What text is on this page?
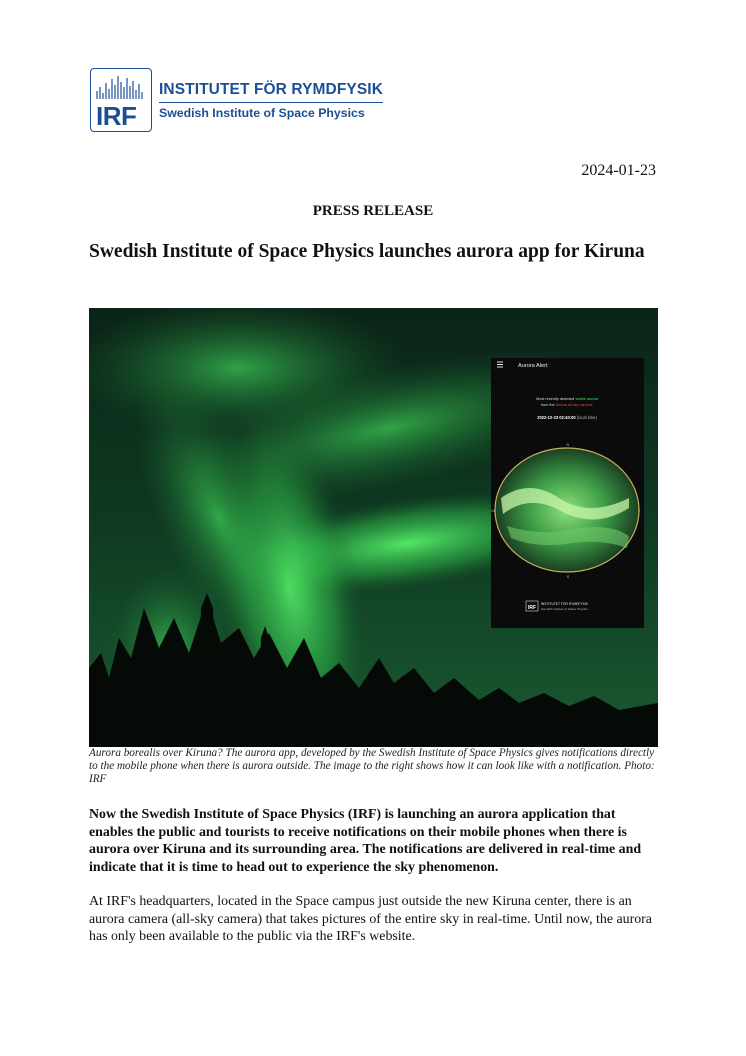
IRF
INSTITUTET FÖR RYMDFYSIK
Swedish Institute of Space Physics
2024-01-23
PRESS RELEASE
Swedish Institute of Space Physics launches aurora app for Kiruna
Aurora Alert
Most recently detected visible aurora
from the Kiruna all-sky camera:
2022-12-23 02:40:00 (local time)
N
S
W
IRF
INSTITUTET FÖR RYMDFYSIK
Swedish Institute of Space Physics
Aurora borealis over Kiruna? The aurora app, developed by the Swedish Institute of Space Physics gives notifications directly to the mobile phone when there is aurora outside. The image to the right shows how it can look like with a notification. Photo: IRF
Now the Swedish Institute of Space Physics (IRF) is launching an aurora application that enables the public and tourists to receive notifications on their mobile phones when there is aurora over Kiruna and its surrounding area. The notifications are delivered in real-time and indicate that it is time to head out to experience the sky phenomenon.
At IRF's headquarters, located in the Space campus just outside the new Kiruna center, there is an aurora camera (all-sky camera) that takes pictures of the entire sky in real-time. Until now, the aurora has only been available to the public via the IRF's website.
